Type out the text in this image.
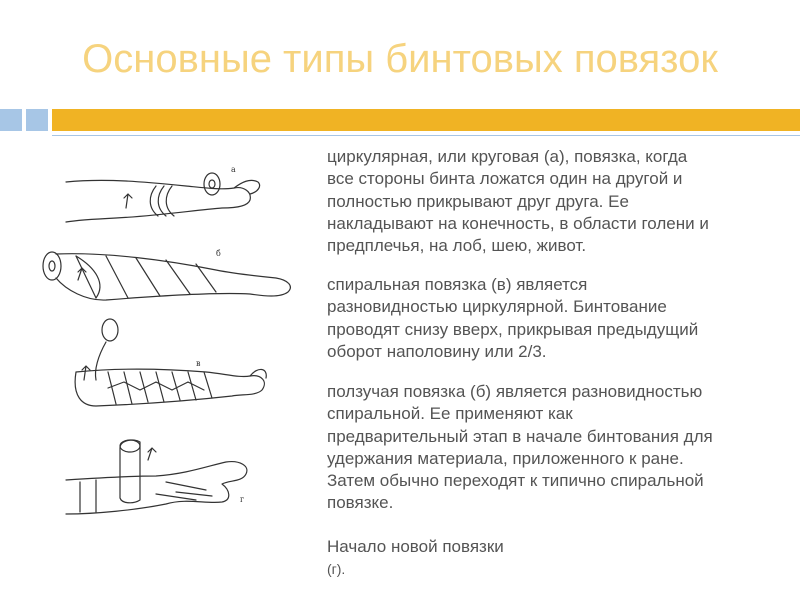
Основные типы бинтовых повязок
а
б
в
г
циркулярная, или круговая (а), повязка, когда все стороны бинта ложатся один на другой и полностью прикрывают друг друга. Ее накладывают на конечность, в области голени и предплечья, на лоб, шею, живот.
спиральная повязка (в) является разновидностью циркулярной. Бинтование проводят снизу вверх, прикрывая предыдущий оборот наполовину или 2/3.
ползучая повязка (б) является разновидностью спиральной. Ее применяют как предварительный этап в начале бинтования для удержания материала, приложенного к ране. Затем обычно переходят к типично спиральной повязке.
Начало новой повязки
(г).
